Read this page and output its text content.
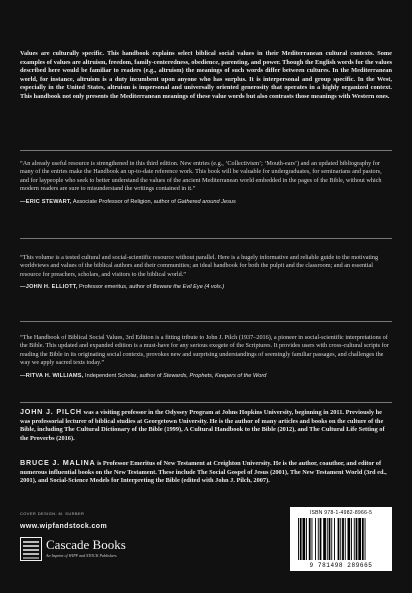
Values are culturally specific. This handbook explains select biblical social values in their Mediterranean cultural contexts. Some examples of values are altruism, freedom, family-centeredness, obedience, parenting, and power. Though the English words for the values described here would be familiar to readers (e.g., altruism) the meanings of such words differ between cultures. In the Mediterranean world, for instance, altruism is a duty incumbent upon anyone who has surplus. It is interpersonal and group specific. In the West, especially in the United States, altruism is impersonal and universally oriented generosity that operates in a highly organized context. This handbook not only presents the Mediterranean meanings of these value words but also contrasts those meanings with Western ones.
“An already useful resource is strengthened in this third edition. New entries (e.g., ‘Collectivism’; ‘Mouth-ears’) and an updated bibliography for many of the entries make the Handbook an up-to-date reference work. This book will be valuable for undergraduates, for seminarians and pastors, and for laypeople who seek to better understand the values of the ancient Mediterranean world embedded in the pages of the Bible, without which modern readers are sure to misunderstand the writings contained in it.”
—ERIC STEWART, Associate Professor of Religion, author of Gathered around Jesus
“This volume is a tested cultural and social-scientific resource without parallel. Here is a hugely informative and reliable guide to the motivating worldviews and values of the biblical authors and their communities; an ideal handbook for both the pulpit and the classroom; and an essential resource for preachers, scholars, and visitors to the biblical world.”
—JOHN H. ELLIOTT, Professor emeritus, author of Beware the Evil Eye (4 vols.)
“The Handbook of Biblical Social Values, 3rd Edition is a fitting tribute to John J. Pilch (1937–2016), a pioneer in social-scientific interpretations of the Bible. This updated and expanded edition is a must-have for any serious exegete of the Scriptures. It provides users with cross-cultural scripts for reading the Bible in its originating social contexts, provokes new and surprising understandings of seemingly familiar passages, and challenges the way we apply sacred texts today.”
—RITVA H. WILLIAMS, Independent Scholar, author of Stewards, Prophets, Keepers of the Word
JOHN J. PILCH was a visiting professor in the Odyssey Program at Johns Hopkins University, beginning in 2011. Previously he was professorial lecturer of biblical studies at Georgetown University. He is the author of many articles and books on the culture of the Bible, including The Cultural Dictionary of the Bible (1999), A Cultural Handbook to the Bible (2012), and The Cultural Life Setting of the Proverbs (2016).
BRUCE J. MALINA is Professor Emeritus of New Testament at Creighton University. He is the author, coauthor, and editor of numerous influential books on the New Testament. These include The Social Gospel of Jesus (2001), The New Testament World (3rd ed., 2001), and Social-Science Models for Interpreting the Bible (edited with John J. Pilch, 2007).
COVER DESIGN: M. SURBER
www.wipfandstock.com
Cascade Books
An Imprint of WIPF and STOCK Publishers
ISBN 978-1-4982-8966-5
9 781498 289665
